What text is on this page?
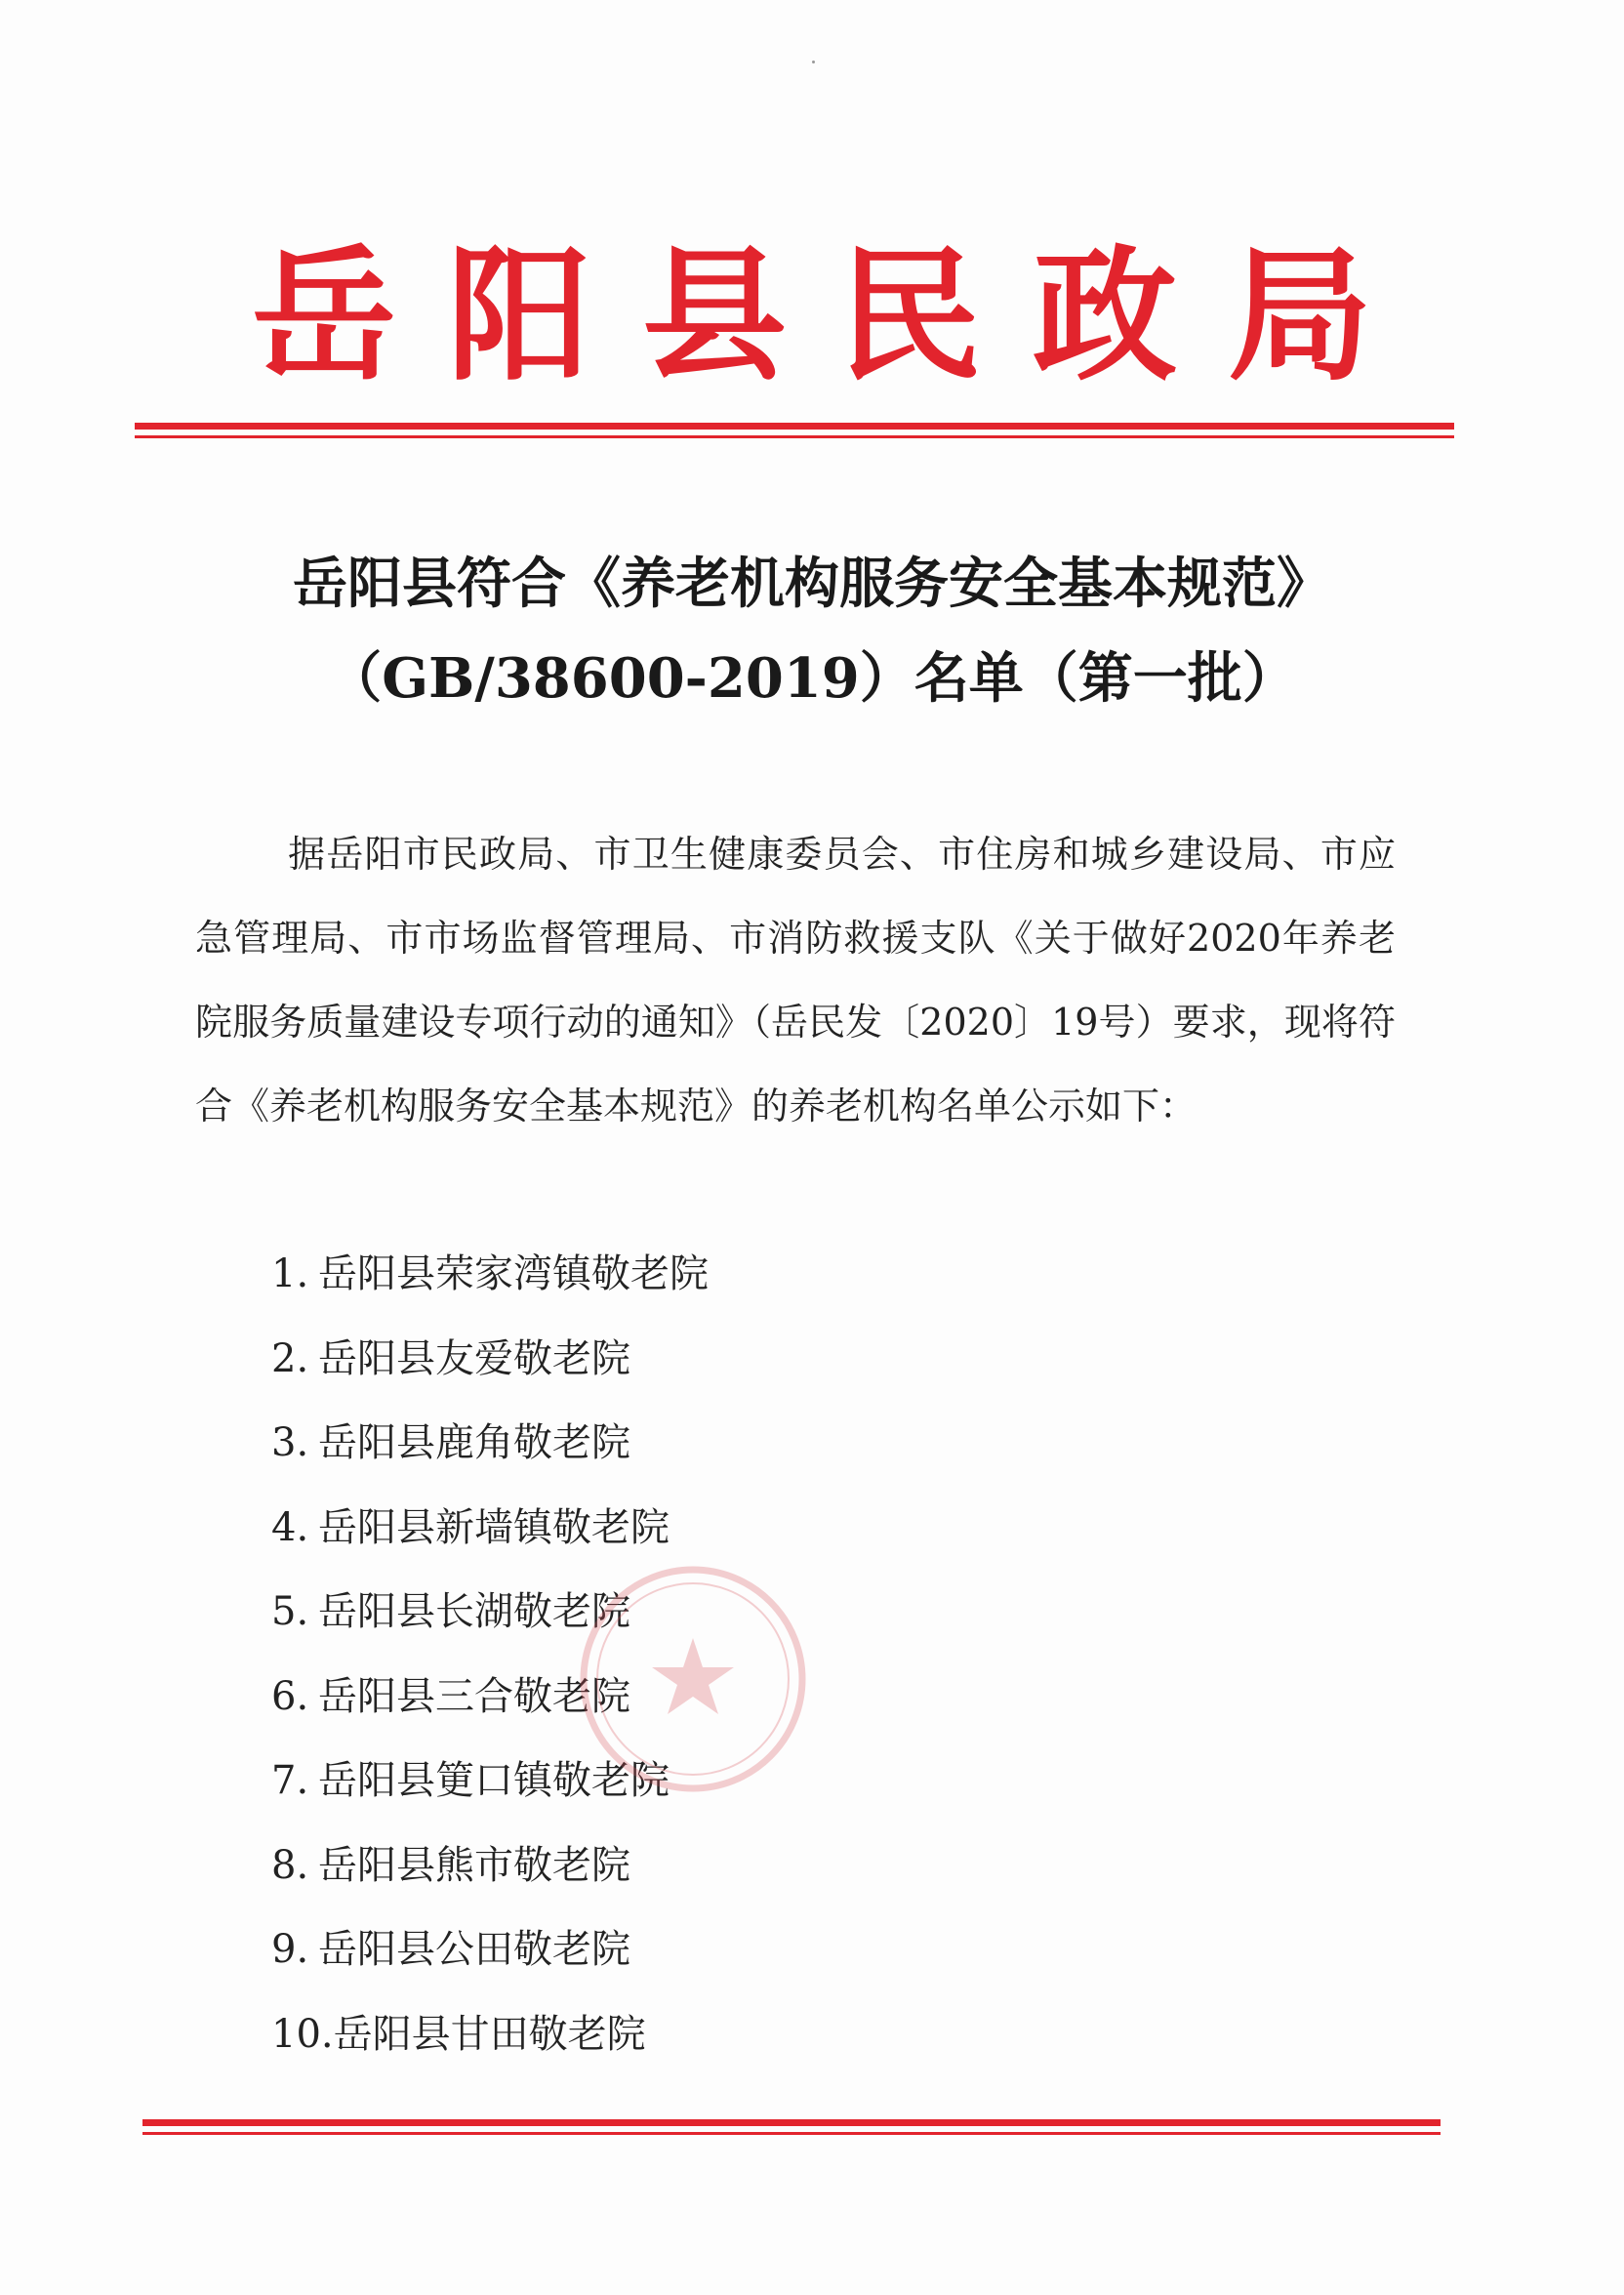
岳阳县民政局
岳阳县符合《养老机构服务安全基本规范》
（GB/38600-2019）名单（第一批）
据岳阳市民政局、市卫生健康委员会、市住房和城乡建设局、市应急管理局、市市场监督管理局、市消防救援支队《关于做好2020年养老院服务质量建设专项行动的通知》（岳民发〔2020〕19号）要求，现将符合《养老机构服务安全基本规范》的养老机构名单公示如下：
1. 岳阳县荣家湾镇敬老院
2. 岳阳县友爱敬老院
3. 岳阳县鹿角敬老院
4. 岳阳县新墙镇敬老院
5. 岳阳县长湖敬老院
6. 岳阳县三合敬老院
7. 岳阳县筻口镇敬老院
8. 岳阳县熊市敬老院
9. 岳阳县公田敬老院
10.岳阳县甘田敬老院
